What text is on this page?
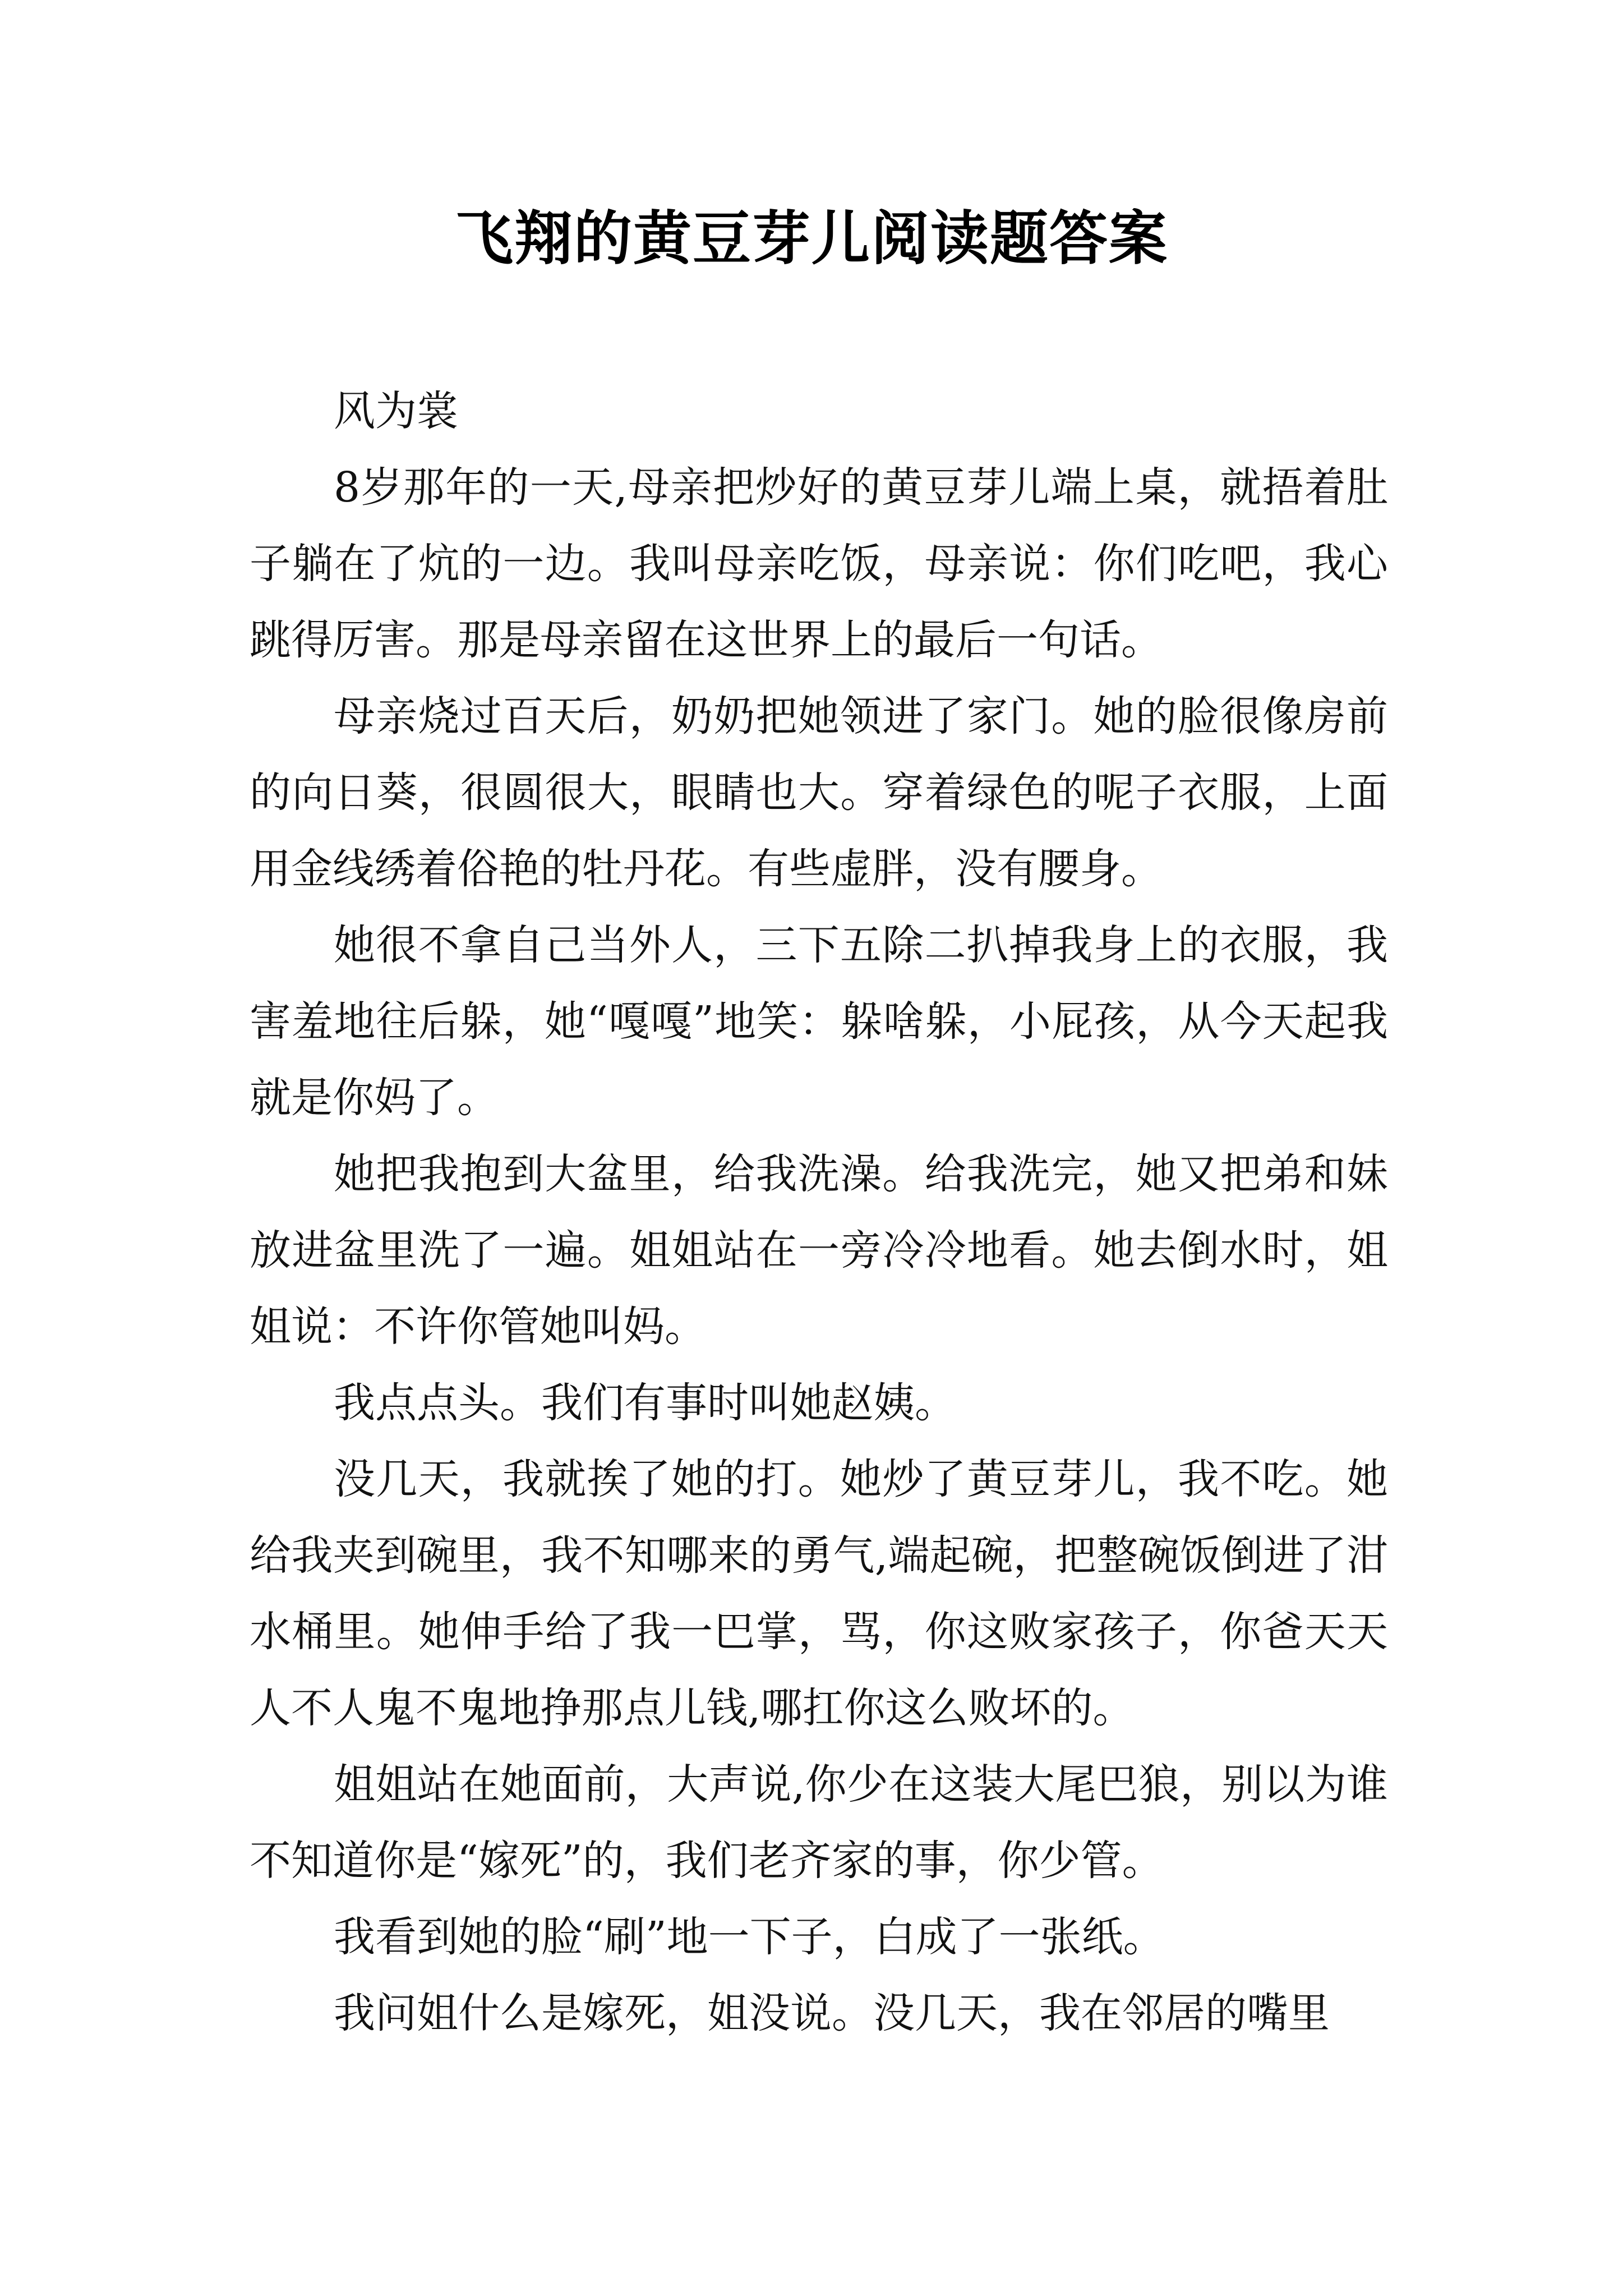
飞翔的黄豆芽儿阅读题答案

风为裳

8岁那年的一天,母亲把炒好的黄豆芽儿端上桌，就捂着肚子躺在了炕的一边。我叫母亲吃饭，母亲说：你们吃吧，我心跳得厉害。那是母亲留在这世界上的最后一句话。

母亲烧过百天后，奶奶把她领进了家门。她的脸很像房前的向日葵，很圆很大，眼睛也大。穿着绿色的呢子衣服，上面用金线绣着俗艳的牡丹花。有些虚胖，没有腰身。

她很不拿自己当外人，三下五除二扒掉我身上的衣服，我害羞地往后躲，她“嘎嘎”地笑：躲啥躲，小屁孩，从今天起我就是你妈了。

她把我抱到大盆里，给我洗澡。给我洗完，她又把弟和妹放进盆里洗了一遍。姐姐站在一旁冷冷地看。她去倒水时，姐姐说：不许你管她叫妈。

我点点头。我们有事时叫她赵姨。

没几天，我就挨了她的打。她炒了黄豆芽儿，我不吃。她给我夹到碗里，我不知哪来的勇气,端起碗，把整碗饭倒进了泔水桶里。她伸手给了我一巴掌，骂，你这败家孩子，你爸天天人不人鬼不鬼地挣那点儿钱,哪扛你这么败坏的。

姐姐站在她面前，大声说,你少在这装大尾巴狼，别以为谁不知道你是“嫁死”的，我们老齐家的事，你少管。

我看到她的脸“刷”地一下子，白成了一张纸。

我问姐什么是嫁死，姐没说。没几天，我在邻居的嘴里
